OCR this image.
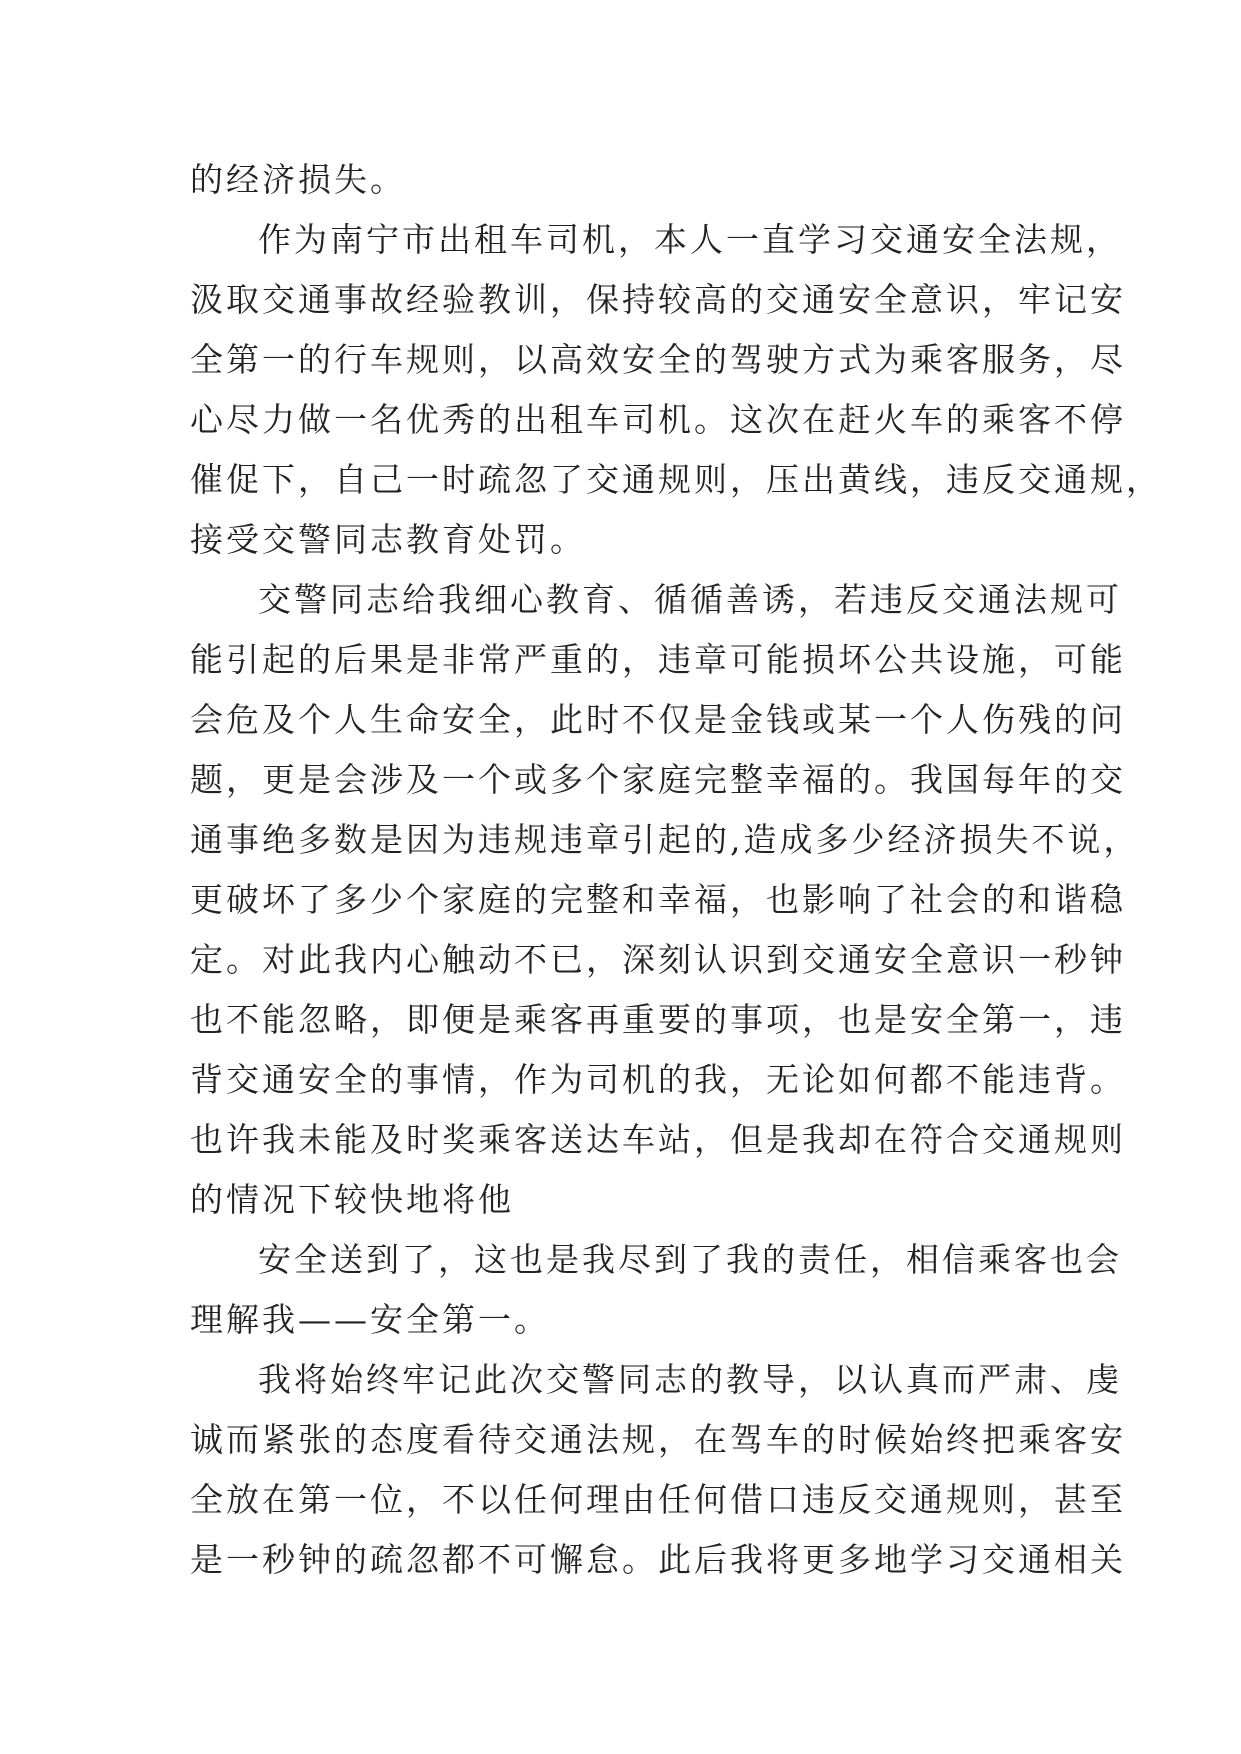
的经济损失。
作为南宁市出租车司机，本人一直学习交通安全法规，
汲取交通事故经验教训，保持较高的交通安全意识，牢记安
全第一的行车规则，以高效安全的驾驶方式为乘客服务，尽
心尽力做一名优秀的出租车司机。这次在赶火车的乘客不停
催促下，自己一时疏忽了交通规则，压出黄线，违反交通规，
接受交警同志教育处罚。
交警同志给我细心教育、循循善诱，若违反交通法规可
能引起的后果是非常严重的，违章可能损坏公共设施，可能
会危及个人生命安全，此时不仅是金钱或某一个人伤残的问
题，更是会涉及一个或多个家庭完整幸福的。我国每年的交
通事绝多数是因为违规违章引起的,造成多少经济损失不说，
更破坏了多少个家庭的完整和幸福，也影响了社会的和谐稳
定。对此我内心触动不已，深刻认识到交通安全意识一秒钟
也不能忽略，即便是乘客再重要的事项，也是安全第一，违
背交通安全的事情，作为司机的我，无论如何都不能违背。
也许我未能及时奖乘客送达车站，但是我却在符合交通规则
的情况下较快地将他
安全送到了，这也是我尽到了我的责任，相信乘客也会
理解我——安全第一。
我将始终牢记此次交警同志的教导，以认真而严肃、虔
诚而紧张的态度看待交通法规，在驾车的时候始终把乘客安
全放在第一位，不以任何理由任何借口违反交通规则，甚至
是一秒钟的疏忽都不可懈怠。此后我将更多地学习交通相关
